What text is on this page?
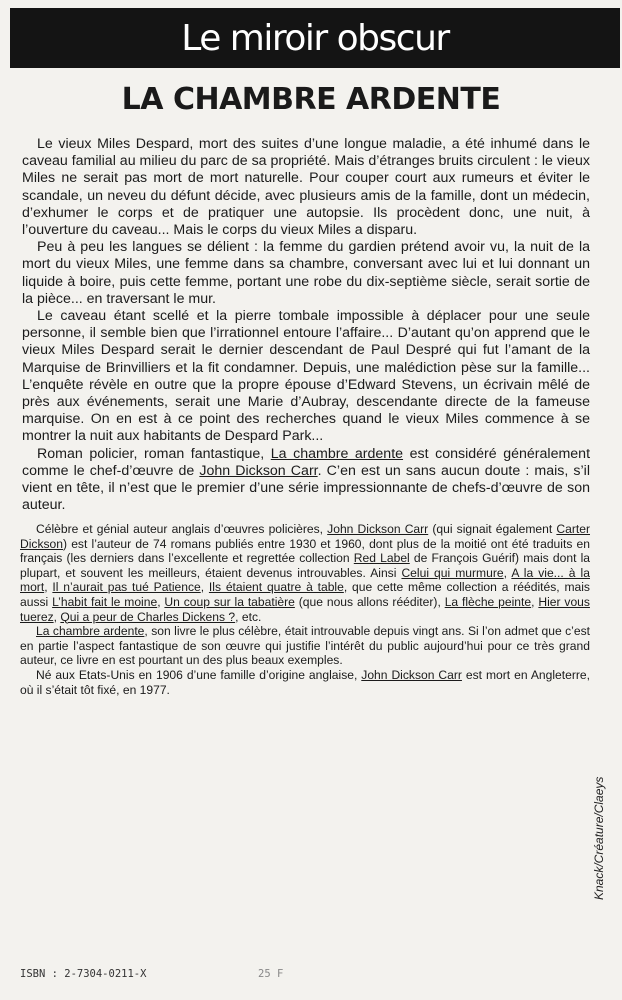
Le miroir obscur
LA CHAMBRE ARDENTE

Le vieux Miles Despard, mort des suites d’une longue maladie, a été inhumé dans le caveau familial au milieu du parc de sa propriété. Mais d’étranges bruits circulent : le vieux Miles ne serait pas mort de mort naturelle. Pour couper court aux rumeurs et éviter le scandale, un neveu du défunt décide, avec plusieurs amis de la famille, dont un médecin, d’exhumer le corps et de pratiquer une autopsie. Ils procèdent donc, une nuit, à l’ouverture du caveau... Mais le corps du vieux Miles a disparu.

Peu à peu les langues se délient : la femme du gardien prétend avoir vu, la nuit de la mort du vieux Miles, une femme dans sa chambre, conversant avec lui et lui donnant un liquide à boire, puis cette femme, portant une robe du dix-septième siècle, serait sortie de la pièce... en traversant le mur.

Le caveau étant scellé et la pierre tombale impossible à déplacer pour une seule personne, il semble bien que l’irrationnel entoure l’affaire... D’autant qu’on apprend que le vieux Miles Despard serait le dernier descendant de Paul Despré qui fut l’amant de la Marquise de Brinvilliers et la fit condamner. Depuis, une malédiction pèse sur la famille... L’enquête révèle en outre que la propre épouse d’Edward Stevens, un écrivain mêlé de près aux événements, serait une Marie d’Aubray, descendante directe de la fameuse marquise. On en est à ce point des recherches quand le vieux Miles commence à se montrer la nuit aux habitants de Despard Park...

Roman policier, roman fantastique, La chambre ardente est considéré généralement comme le chef-d’œuvre de John Dickson Carr. C’en est un sans aucun doute : mais, s’il vient en tête, il n’est que le premier d’une série impressionnante de chefs-d’œuvre de son auteur.

Célèbre et génial auteur anglais d’œuvres policières, John Dickson Carr (qui signait également Carter Dickson) est l’auteur de 74 romans publiés entre 1930 et 1960, dont plus de la moitié ont été traduits en français (les derniers dans l’excellente et regrettée collection Red Label de François Guérif) mais dont la plupart, et souvent les meilleurs, étaient devenus introuvables. Ainsi Celui qui murmure, A la vie... à la mort, Il n’aurait pas tué Patience, Ils étaient quatre à table, que cette même collection a réédités, mais aussi L’habit fait le moine, Un coup sur la tabatière (que nous allons rééditer), La flèche peinte, Hier vous tuerez, Qui a peur de Charles Dickens ?, etc.

La chambre ardente, son livre le plus célèbre, était introuvable depuis vingt ans. Si l’on admet que c’est en partie l’aspect fantastique de son œuvre qui justifie l’intérêt du public aujourd’hui pour ce très grand auteur, ce livre en est pourtant un des plus beaux exemples.

Né aux Etats-Unis en 1906 d’une famille d’origine anglaise, John Dickson Carr est mort en Angleterre, où il s’était tôt fixé, en 1977.

Knack/Créature/Claeys
ISBN : 2-7304-0211-X	25 F
